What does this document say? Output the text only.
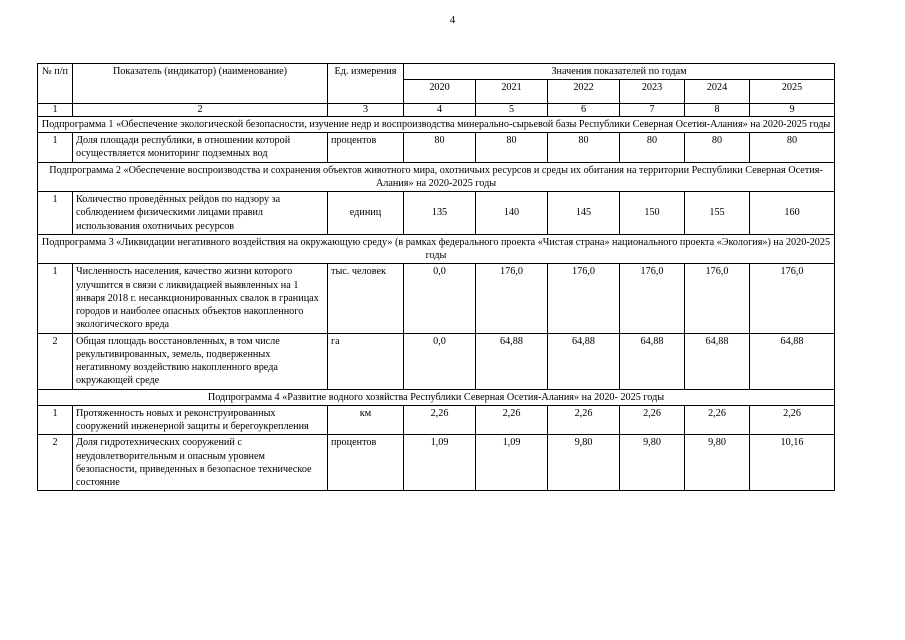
4
№ п/п	Показатель (индикатор) (наименование)	Ед. измерения	Значения показателей по годам					
			2020	2021	2022	2023	2024	2025
1	2	3	4	5	6	7	8	9
Подпрограмма 1 «Обеспечение экологической безопасности, изучение недр и воспроизводства минерально-сырьевой базы Республики Северная Осетия-Алания» на 2020-2025 годы								
1	Доля площади республики, в отношении которой осуществляется мониторинг подземных вод	процентов	80	80	80	80	80	80
Подпрограмма 2 «Обеспечение воспроизводства и сохранения объектов животного мира, охотничьих ресурсов и среды их обитания на территории Республики Северная Осетия-Алания» на 2020-2025 годы								
1	Количество проведённых рейдов по надзору за соблюдением физическими лицами правил использования охотничьих ресурсов	единиц	135	140	145	150	155	160
Подпрограмма 3 «Ликвидации негативного воздействия на окружающую среду» (в рамках федерального проекта «Чистая страна» национального проекта «Экология») на 2020-2025 годы								
1	Численность населения, качество жизни которого улучшится в связи с ликвидацией выявленных на 1 января 2018 г. несанкционированных свалок в границах городов и наиболее опасных объектов накопленного экологического вреда	тыс. человек	0,0	176,0	176,0	176,0	176,0	176,0
2	Общая площадь восстановленных, в том числе рекультивированных, земель, подверженных негативному воздействию накопленного вреда окружающей среде	га	0,0	64,88	64,88	64,88	64,88	64,88
Подпрограмма 4 «Развитие водного хозяйства Республики Северная Осетия-Алания» на 2020- 2025 годы								
1	Протяженность новых и реконструированных сооружений инженерной защиты и берегоукрепления	км	2,26	2,26	2,26	2,26	2,26	2,26
2	Доля гидротехнических сооружений с неудовлетворительным и опасным уровнем безопасности, приведенных в безопасное техническое состояние	процентов	1,09	1,09	9,80	9,80	9,80	10,16
